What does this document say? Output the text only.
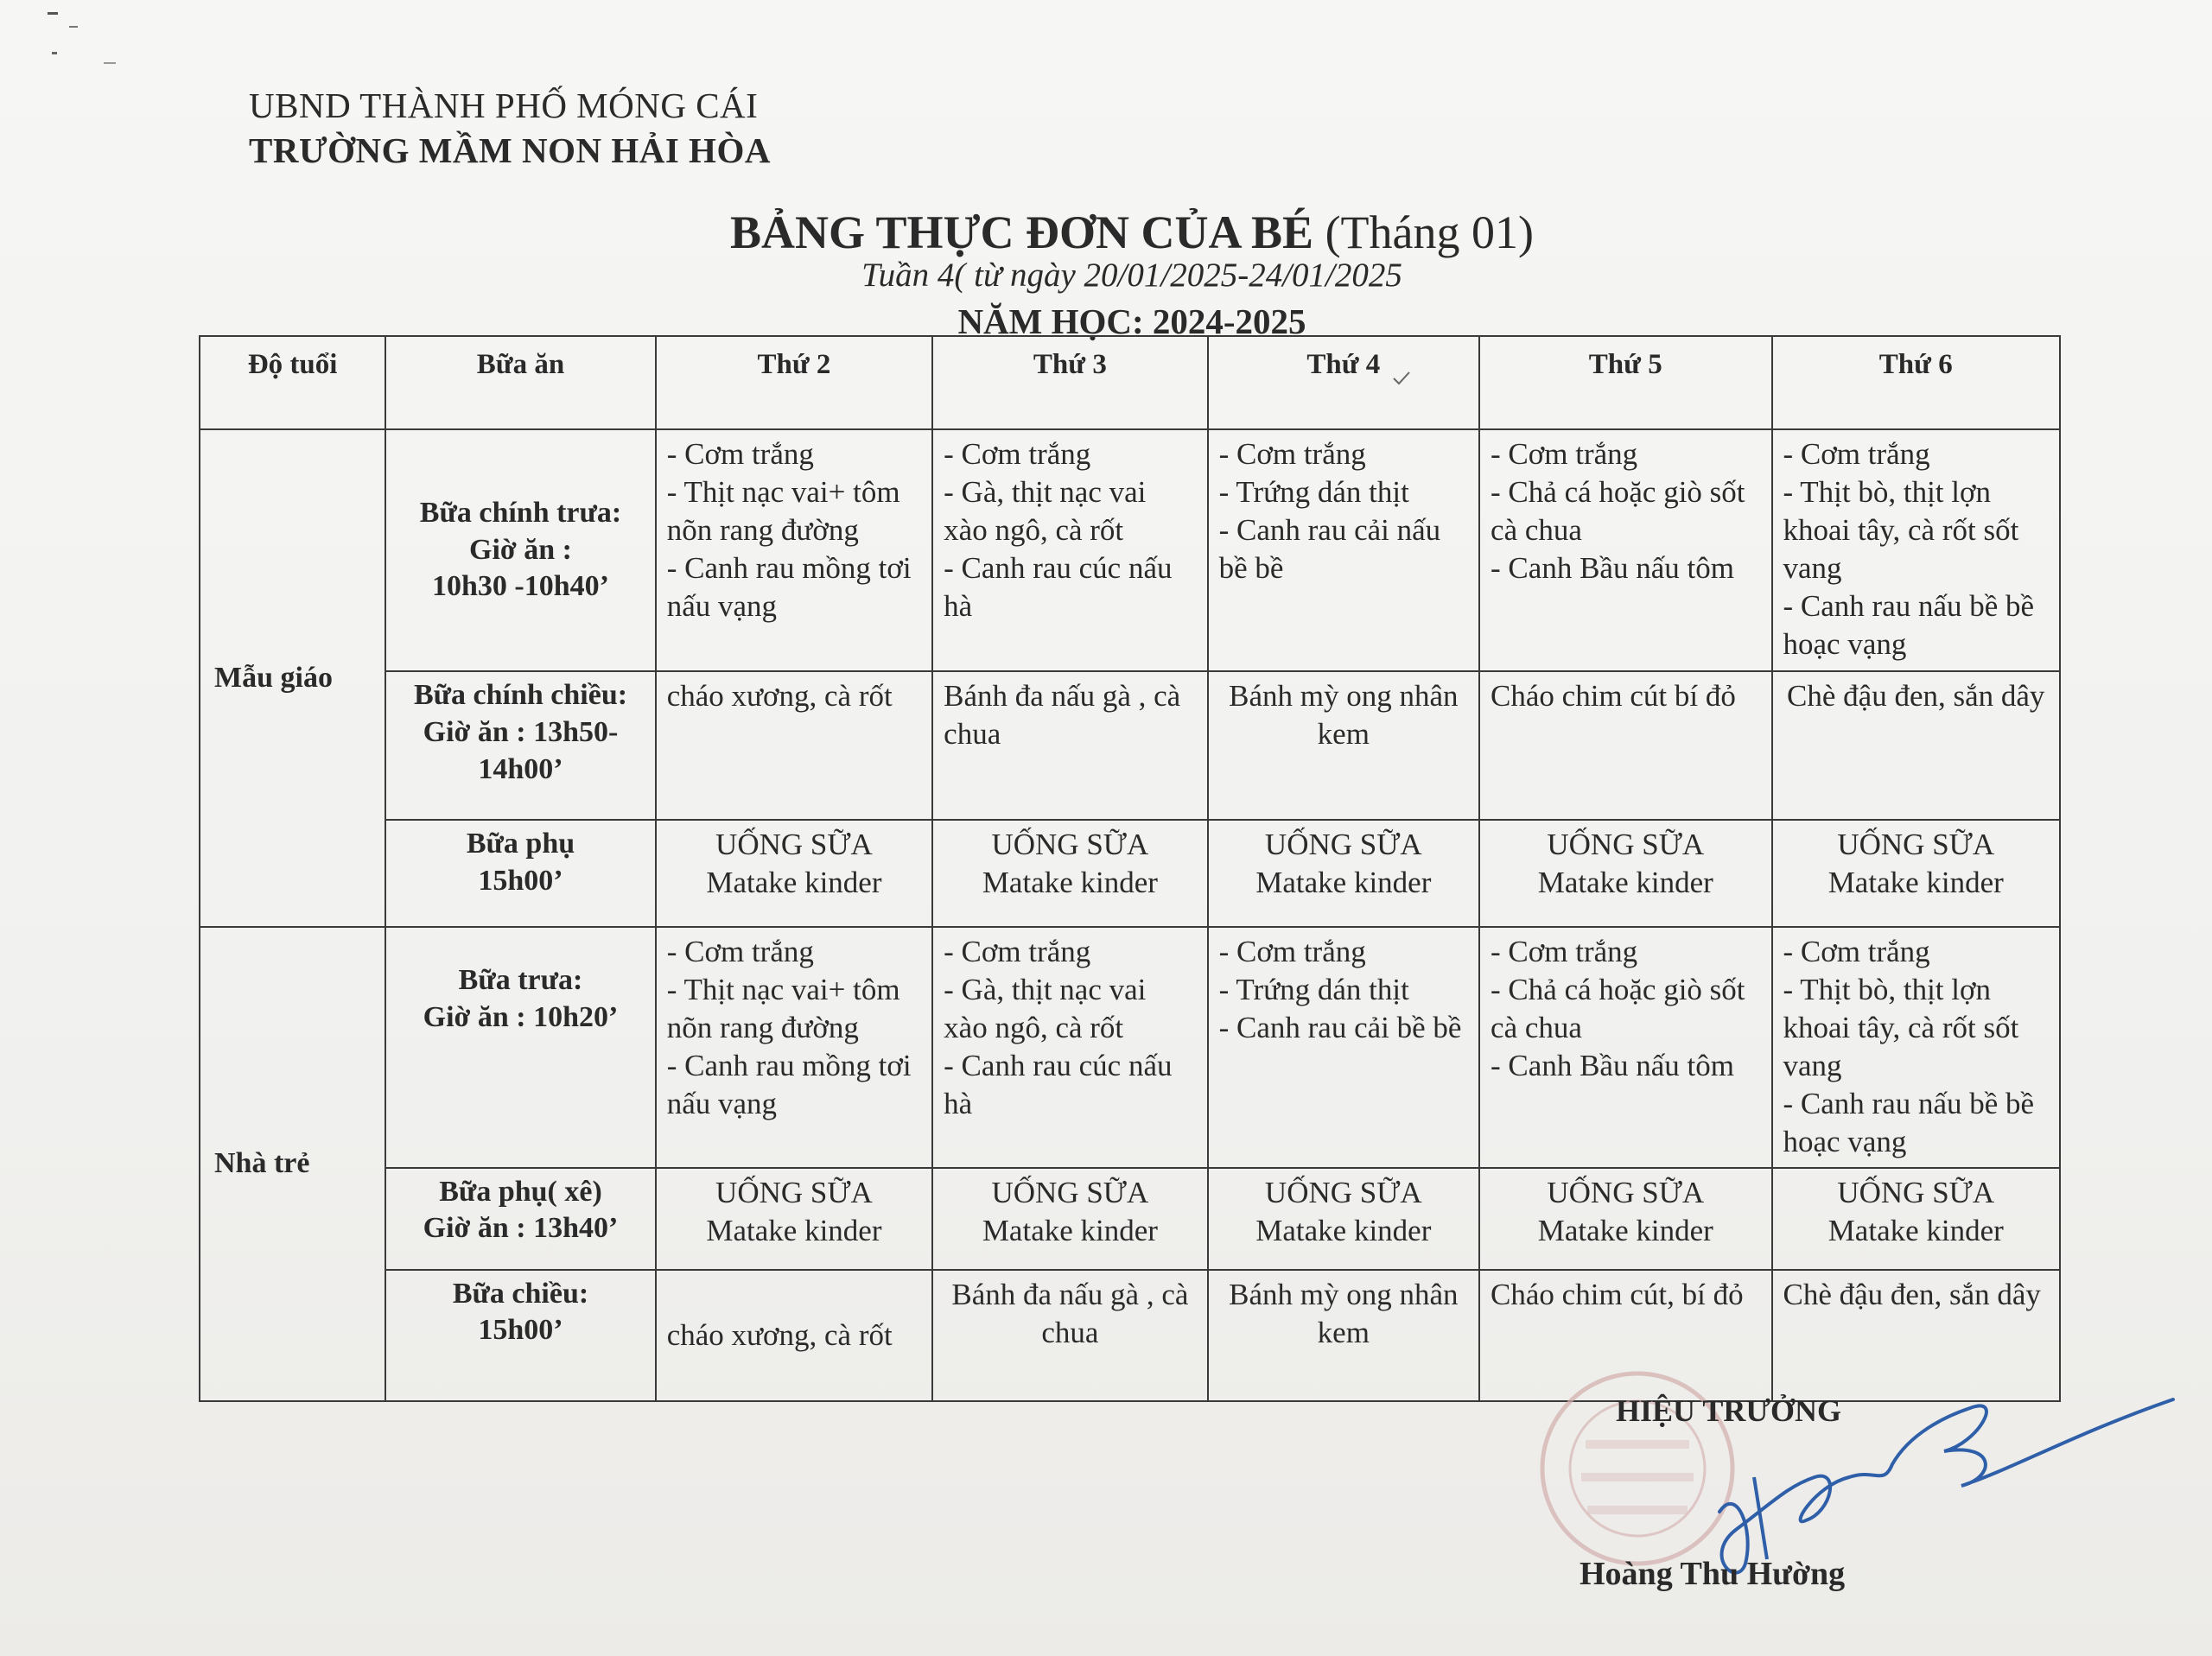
UBND THÀNH PHỐ MÓNG CÁI
TRƯỜNG MẦM NON HẢI HÒA
BẢNG THỰC ĐƠN CỦA BÉ (Tháng 01)
Tuần 4( từ ngày 20/01/2025-24/01/2025
NĂM HỌC: 2024-2025
Độ tuổi	Bữa ăn	Thứ 2	Thứ 3	Thứ 4	Thứ 5	Thứ 6
Mẫu giáo	Bữa chính trưa:
Giờ ăn :
10h30 -10h40’	- Cơm trắng
- Thịt nạc vai+ tôm nõn rang đường
- Canh rau mồng tơi nấu vạng	- Cơm trắng
- Gà, thịt nạc vai xào ngô, cà rốt
- Canh rau cúc nấu hà	- Cơm trắng
- Trứng dán thịt
- Canh rau cải nấu bề bề	- Cơm trắng
- Chả cá hoặc giò sốt cà chua
- Canh Bầu nấu tôm	- Cơm trắng
- Thịt bò, thịt lợn khoai tây, cà rốt sốt vang
- Canh rau nấu bề bề hoạc vạng

	Bữa chính chiều:
Giờ ăn : 13h50-
14h00’	cháo xương, cà rốt	Bánh đa nấu gà , cà chua	Bánh mỳ ong nhân kem	Cháo chim cút bí đỏ	Chè đậu đen, sắn dây

	Bữa phụ
15h00’	UỐNG SỮA
Matake kinder	UỐNG SỮA
Matake kinder	UỐNG SỮA
Matake kinder	UỐNG SỮA
Matake kinder	UỐNG SỮA
Matake kinder

Nhà trẻ	Bữa trưa:
Giờ ăn : 10h20’	- Cơm trắng
- Thịt nạc vai+ tôm nõn rang đường
- Canh rau mồng tơi nấu vạng	- Cơm trắng
- Gà, thịt nạc vai xào ngô, cà rốt
- Canh rau cúc nấu hà	- Cơm trắng
- Trứng dán thịt
- Canh rau cải bề bề	- Cơm trắng
- Chả cá hoặc giò sốt cà chua
- Canh Bầu nấu tôm	- Cơm trắng
- Thịt bò, thịt lợn khoai tây, cà rốt sốt vang
- Canh rau nấu bề bề hoạc vạng

	Bữa phụ( xê)
Giờ ăn : 13h40’	UỐNG SỮA
Matake kinder	UỐNG SỮA
Matake kinder	UỐNG SỮA
Matake kinder	UỐNG SỮA
Matake kinder	UỐNG SỮA
Matake kinder

	Bữa chiều:
15h00’	cháo xương, cà rốt	Bánh đa nấu gà , cà chua	Bánh mỳ ong nhân kem	Cháo chim cút, bí đỏ	Chè đậu đen, sắn dây
HIỆU TRƯỞNG
Hoàng Thu Hường
